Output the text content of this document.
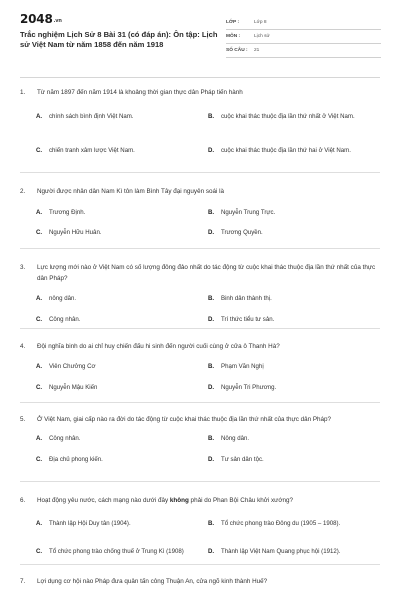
$2048^{.vn}$
Trắc nghiệm Lịch Sử 8 Bài 31 (có đáp án): Ôn tập: Lịch sử Việt Nam từ năm 1858 đến năm 1918
LỚP :	Lớp 8
MÔN :	Lịch sử
SỐ CÂU :	21
1.	Từ năm 1897 đến năm 1914 là khoảng thời gian thực dân Pháp tiến hành
A.	chính sách bình định Việt Nam.	B.	cuộc khai thác thuộc địa lần thứ nhất ở Việt Nam.
C.	chiến tranh xâm lược Việt Nam.	D.	cuộc khai thác thuộc địa lần thứ hai ở Việt Nam.
2.	Người được nhân dân Nam Kì tôn làm Bình Tây đại nguyên soái là
A.	Trương Định.	B.	Nguyễn Trung Trực.
C.	Nguyễn Hữu Huân.	D.	Trương Quyền.
3.	Lực lượng mới nào ở Việt Nam có số lượng đông đảo nhất do tác động từ cuộc khai thác thuộc địa lần thứ nhất của thực dân Pháp?
A.	nông dân.	B.	Binh dân thành thị.
C.	Công nhân.	D.	Trí thức tiểu tư sản.
4.	Đội nghĩa binh do ai chỉ huy chiến đấu hi sinh đến người cuối cùng ở cửa ô Thanh Hà?
A.	Viên Chưởng Cơ	B.	Phạm Văn Nghị
C.	Nguyễn Mậu Kiến	D.	Nguyễn Tri Phương.
5.	Ở Việt Nam, giai cấp nào ra đời do tác động từ cuộc khai thác thuộc địa lần thứ nhất của thực dân Pháp?
A.	Công nhân.	B.	Nông dân.
C.	Địa chủ phong kiến.	D.	Tư sản dân tộc.
6.	Hoạt động yêu nước, cách mạng nào dưới đây không phải do Phan Bội Châu khởi xướng?
A.	Thành lập Hội Duy tân (1904).	B.	Tổ chức phong trào Đông du (1905 – 1908).
C.	Tổ chức phong trào chống thuế ở Trung Kì (1908)	D.	Thành lập Việt Nam Quang phục hội (1912).
7.	Lợi dụng cơ hội nào Pháp đưa quân tấn công Thuận An, cửa ngõ kinh thành Huế?
